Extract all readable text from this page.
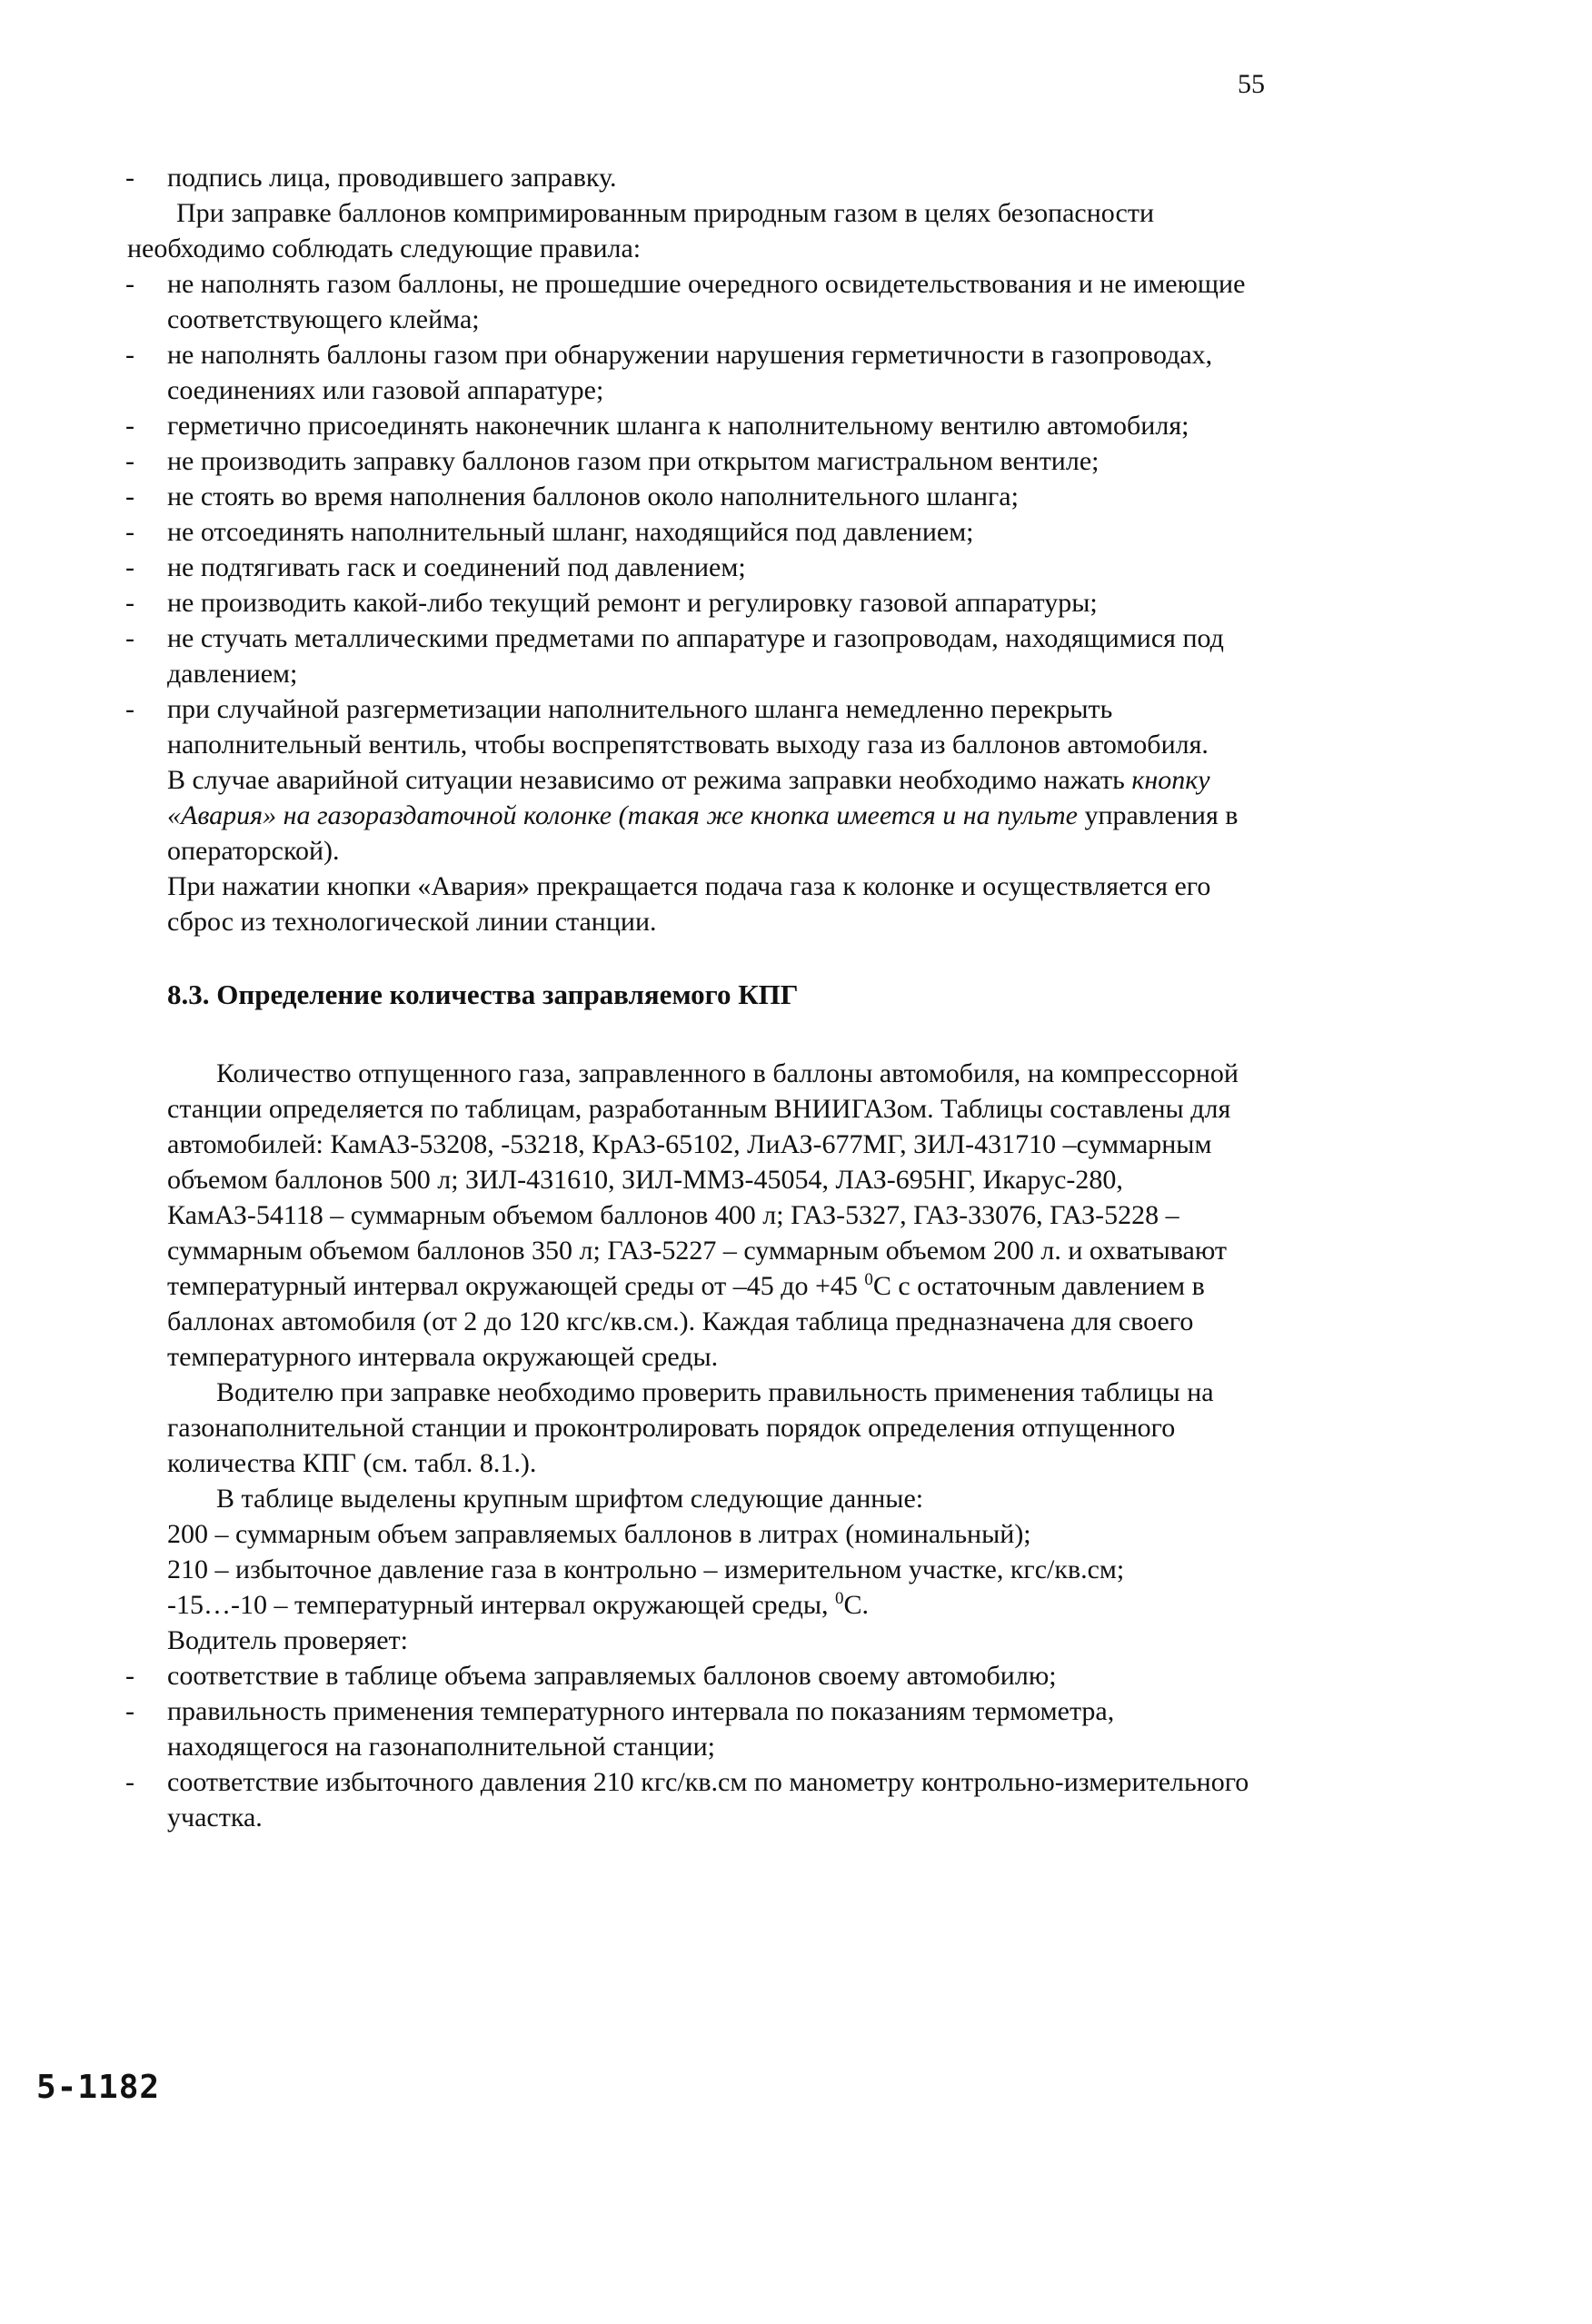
55
- подпись лица, проводившего заправку.

При заправке баллонов компримированным природным газом в целях безопасности необходимо соблюдать следующие правила:

- не наполнять газом баллоны, не прошедшие очередного освидетельствования и не имеющие соответствующего клейма;
- не наполнять баллоны газом при обнаружении нарушения герметичности в газопроводах, соединениях или газовой аппаратуре;
- герметично присоединять наконечник шланга к наполнительному вентилю автомобиля;
- не производить заправку баллонов газом при открытом магистральном вентиле;
- не стоять во время наполнения баллонов около наполнительного шланга;
- не отсоединять наполнительный шланг, находящийся под давлением;
- не подтягивать гаск и соединений под давлением;
- не производить какой-либо текущий ремонт и регулировку газовой аппаратуры;
- не стучать металлическими предметами по аппаратуре и газопроводам, находящимися под давлением;
- при случайной разгерметизации наполнительного шланга немедленно перекрыть наполнительный вентиль, чтобы воспрепятствовать выходу газа из баллонов автомобиля.

В случае аварийной ситуации независимо от режима заправки необходимо нажать кнопку «Авария» на газораздаточной колонке (такая же кнопка имеется и на пульте управления в операторской).

При нажатии кнопки «Авария» прекращается подача газа к колонке и осуществляется его сброс из технологической линии станции.

8.3. Определение количества заправляемого КПГ

Количество отпущенного газа, заправленного в баллоны автомобиля, на компрессорной станции определяется по таблицам, разработанным ВНИИГАЗом. Таблицы составлены для автомобилей: КамАЗ-53208, -53218, КрАЗ-65102, ЛиАЗ-677МГ, ЗИЛ-431710 –суммарным объемом баллонов 500 л; ЗИЛ-431610, ЗИЛ-ММЗ-45054, ЛАЗ-695НГ, Икарус-280, КамАЗ-54118 – суммарным объемом баллонов 400 л; ГАЗ-5327, ГАЗ-33076, ГАЗ-5228 – суммарным объемом баллонов 350 л; ГАЗ-5227 – суммарным объемом 200 л. и охватывают температурный интервал окружающей среды от –45 до +45 $^0$С с остаточным давлением в баллонах автомобиля (от 2 до 120 кгс/кв.см.). Каждая таблица предназначена для своего температурного интервала окружающей среды.

Водителю при заправке необходимо проверить правильность применения таблицы на газонаполнительной станции и проконтролировать порядок определения отпущенного количества КПГ (см. табл. 8.1.).

В таблице выделены крупным шрифтом следующие данные:

200 – суммарным объем заправляемых баллонов в литрах (номинальный);
210 – избыточное давление газа в контрольно – измерительном участке, кгс/кв.см;
-15…-10 – температурный интервал окружающей среды, $^0$С.
Водитель проверяет:
- соответствие в таблице объема заправляемых баллонов своему автомобилю;
- правильность применения температурного интервала по показаниям термометра, находящегося на газонаполнительной станции;
- соответствие избыточного давления 210 кгс/кв.см по манометру контрольно-измерительного участка.
5-1182
